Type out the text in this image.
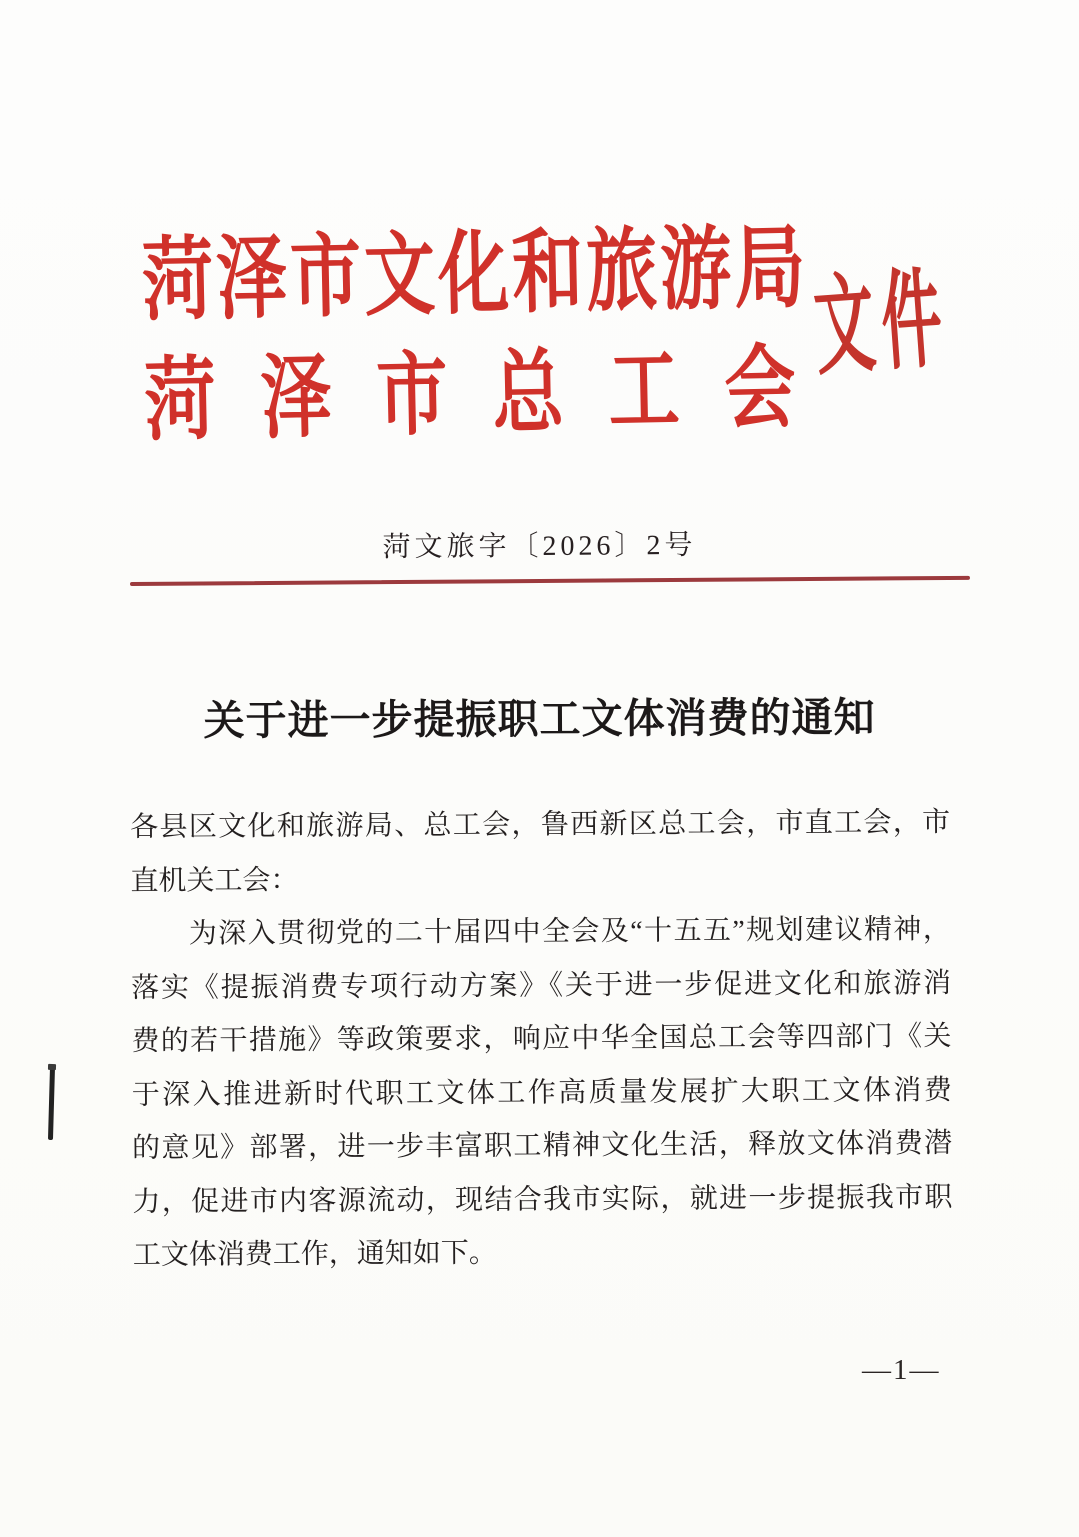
菏泽市文化和旅游局
菏泽市总工会
文件
菏文旅字〔2026〕2号
关于进一步提振职工文体消费的通知
各县区文化和旅游局、总工会，鲁西新区总工会，市直工会，市
直机关工会：
为深入贯彻党的二十届四中全会及“十五五”规划建议精神，
落实《提振消费专项行动方案》《关于进一步促进文化和旅游消
费的若干措施》等政策要求，响应中华全国总工会等四部门《关
于深入推进新时代职工文体工作高质量发展扩大职工文体消费
的意见》部署，进一步丰富职工精神文化生活，释放文体消费潜
力，促进市内客源流动，现结合我市实际，就进一步提振我市职
工文体消费工作，通知如下。
—1—
